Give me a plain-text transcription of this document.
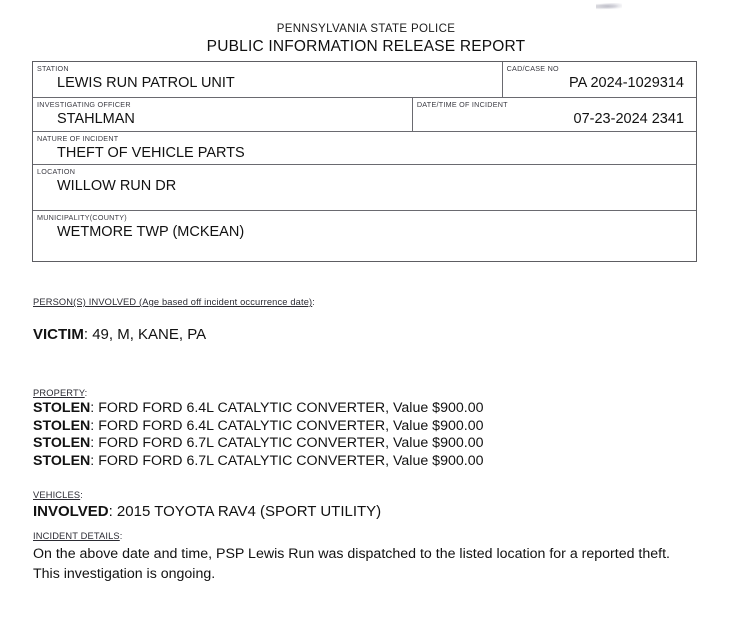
PENNSYLVANIA STATE POLICE
PUBLIC INFORMATION RELEASE REPORT
STATION
LEWIS RUN PATROL UNIT
CAD/CASE NO
PA 2024-1029314
INVESTIGATING OFFICER
STAHLMAN
DATE/TIME OF INCIDENT
07-23-2024 2341
NATURE OF INCIDENT
THEFT OF VEHICLE PARTS
LOCATION
WILLOW RUN DR
MUNICIPALITY(COUNTY)
WETMORE TWP (MCKEAN)
PERSON(S) INVOLVED (Age based off incident occurrence date):
VICTIM: 49, M, KANE, PA
PROPERTY:
STOLEN: FORD FORD 6.4L CATALYTIC CONVERTER, Value $900.00
STOLEN: FORD FORD 6.4L CATALYTIC CONVERTER, Value $900.00
STOLEN: FORD FORD 6.7L CATALYTIC CONVERTER, Value $900.00
STOLEN: FORD FORD 6.7L CATALYTIC CONVERTER, Value $900.00
VEHICLES:
INVOLVED: 2015 TOYOTA RAV4 (SPORT UTILITY)
INCIDENT DETAILS:
On the above date and time, PSP Lewis Run was dispatched to the listed location for a reported theft. This investigation is ongoing.
